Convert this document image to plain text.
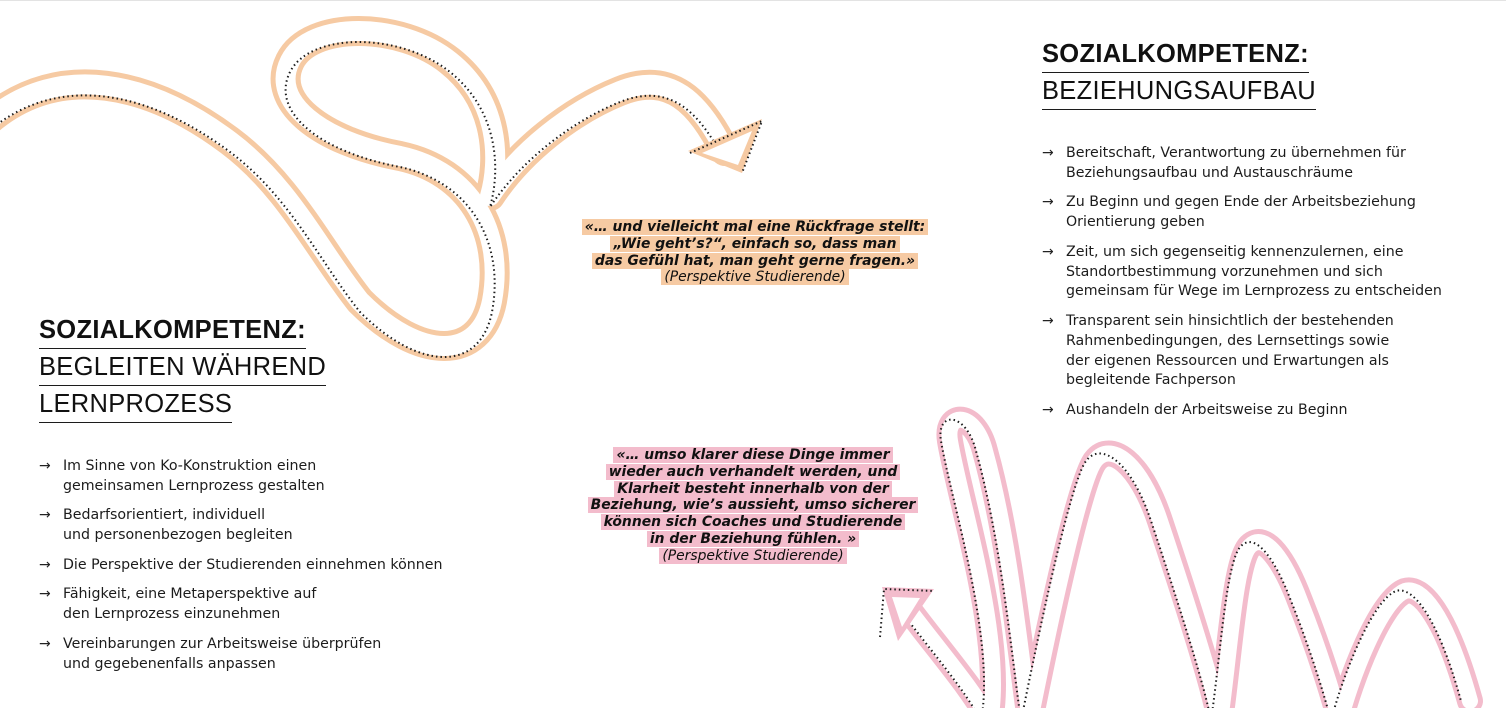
SOZIALKOMPETENZ:
BEGLEITEN WÄHREND
LERNPROZESS
→ Im Sinne von Ko-Konstruktion einen
gemeinsamen Lernprozess gestalten
→ Bedarfsorientiert, individuell
und personenbezogen begleiten
→ Die Perspektive der Studierenden einnehmen können
→ Fähigkeit, eine Metaperspektive auf
den Lernprozess einzunehmen
→ Vereinbarungen zur Arbeitsweise überprüfen
und gegebenenfalls anpassen
SOZIALKOMPETENZ:
BEZIEHUNGSAUFBAU
→ Bereitschaft, Verantwortung zu übernehmen für
Beziehungsaufbau und Austauschräume
→ Zu Beginn und gegen Ende der Arbeitsbeziehung
Orientierung geben
→ Zeit, um sich gegenseitig kennenzulernen, eine
Standortbestimmung vorzunehmen und sich
gemeinsam für Wege im Lernprozess zu entscheiden
→ Transparent sein hinsichtlich der bestehenden
Rahmenbedingungen, des Lernsettings sowie
der eigenen Ressourcen und Erwartungen als
begleitende Fachperson
→ Aushandeln der Arbeitsweise zu Beginn
«… und vielleicht mal eine Rückfrage stellt:
„Wie geht’s?“, einfach so, dass man
das Gefühl hat, man geht gerne fragen.»
(Perspektive Studierende)
«… umso klarer diese Dinge immer
wieder auch verhandelt werden, und
Klarheit besteht innerhalb von der
Beziehung, wie’s aussieht, umso sicherer
können sich Coaches und Studierende
in der Beziehung fühlen. »
(Perspektive Studierende)
